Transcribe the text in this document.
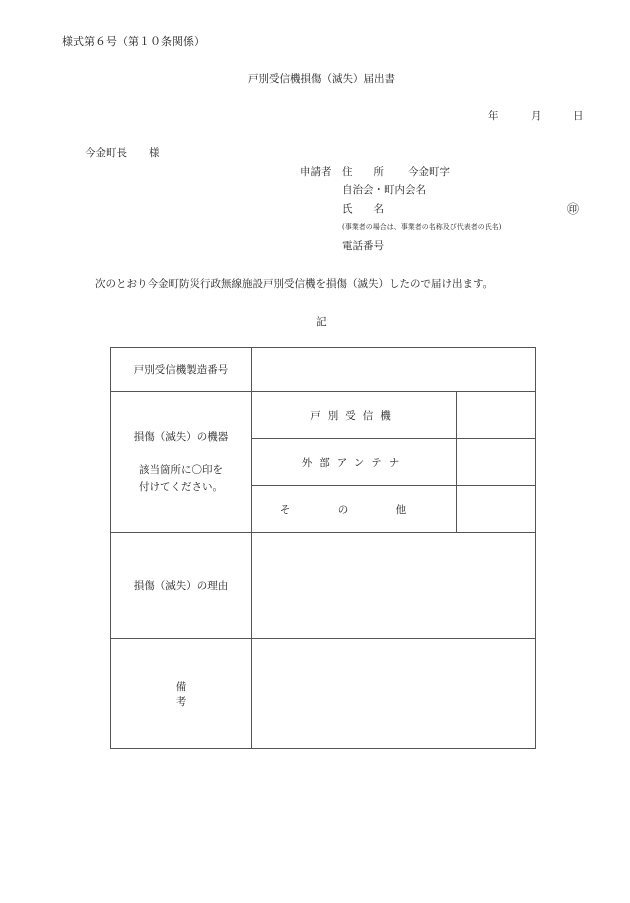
様式第６号（第１０条関係）
戸別受信機損傷（滅失）届出書
年	月	日
今金町長 様
申請者 住　　所 今金町字
自治会・町内会名
氏　　名	㊞
(事業者の場合は、事業者の名称及び代表者の氏名)
電話番号
次のとおり今金町防災行政無線施設戸別受信機を損傷（滅失）したので届け出ます。
記
戸別受信機製造番号		
損傷（滅失）の機器
該当箇所に〇印を
付けてください。	戸別受信機	
	外部アンテナ	
	そ の 他	
損傷（滅失）の理由		
備考		
